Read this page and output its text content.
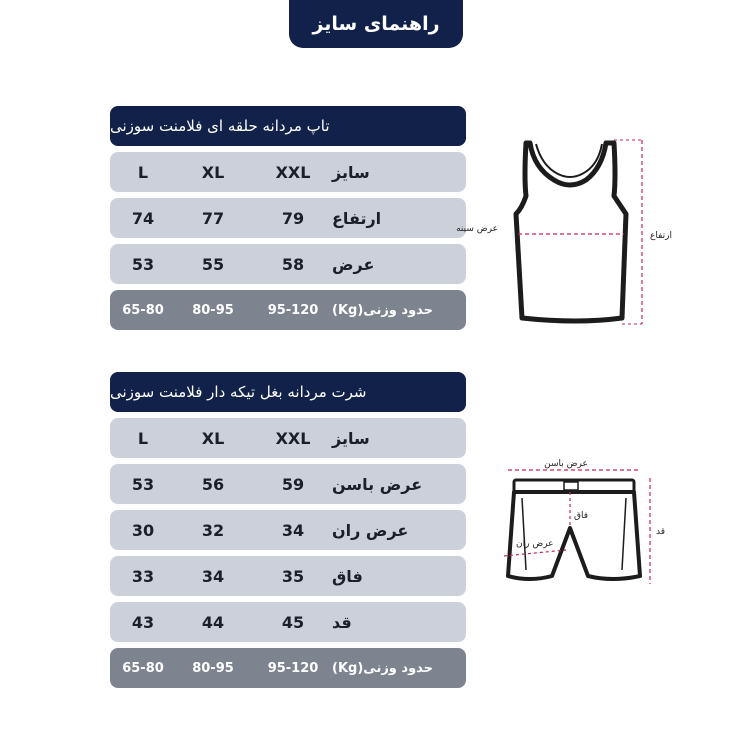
راهنمای سایز
تاپ مردانه حلقه ای فلامنت سوزنی
L	XL	XXL	سایز
74	77	79	ارتفاع
53	55	58	عرض
65-80	80-95	95-120	حدود وزنی(Kg)
شرت مردانه بغل تیکه دار فلامنت سوزنی
L	XL	XXL	سایز
53	56	59	عرض باسن
30	32	34	عرض ران
33	34	35	فاق
43	44	45	قد
65-80	80-95	95-120	حدود وزنی(Kg)
عرض سینه
ارتفاع
عرض باسن
فاق
عرض ران
قد
